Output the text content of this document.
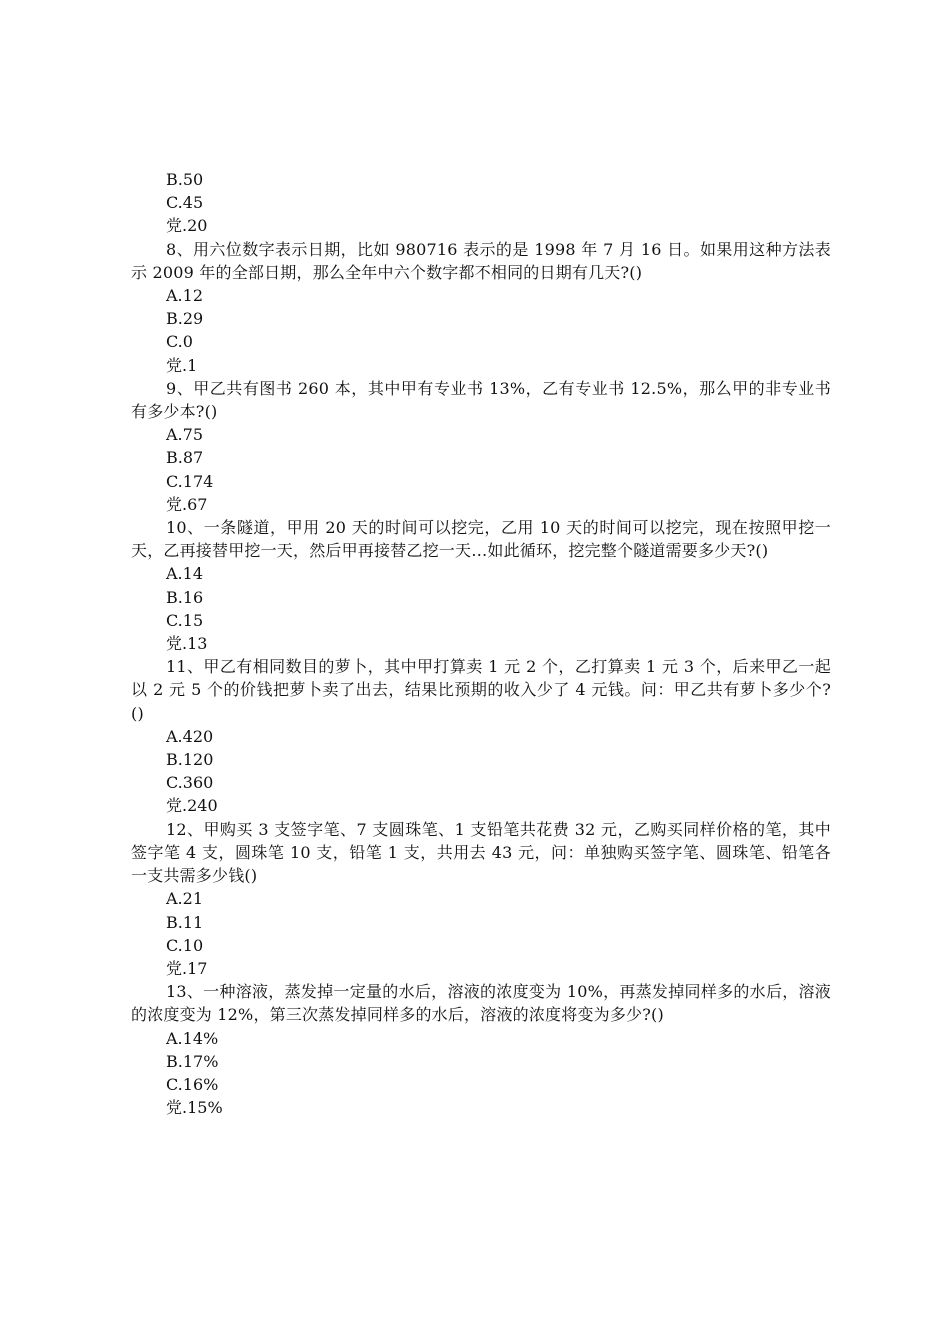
B.50
C.45
党.20
8、用六位数字表示日期，比如 980716 表示的是 1998 年 7 月 16 日。如果用这种方法表示 2009 年的全部日期，那么全年中六个数字都不相同的日期有几天?()
A.12
B.29
C.0
党.1
9、甲乙共有图书 260 本，其中甲有专业书 13%，乙有专业书 12.5%，那么甲的非专业书有多少本?()
A.75
B.87
C.174
党.67
10、一条隧道，甲用 20 天的时间可以挖完，乙用 10 天的时间可以挖完，现在按照甲挖一天，乙再接替甲挖一天，然后甲再接替乙挖一天…如此循环，挖完整个隧道需要多少天?()
A.14
B.16
C.15
党.13
11、甲乙有相同数目的萝卜，其中甲打算卖 1 元 2 个，乙打算卖 1 元 3 个，后来甲乙一起以 2 元 5 个的价钱把萝卜卖了出去，结果比预期的收入少了 4 元钱。问：甲乙共有萝卜多少个?()
A.420
B.120
C.360
党.240
12、甲购买 3 支签字笔、7 支圆珠笔、1 支铅笔共花费 32 元，乙购买同样价格的笔，其中签字笔 4 支，圆珠笔 10 支，铅笔 1 支，共用去 43 元，问：单独购买签字笔、圆珠笔、铅笔各一支共需多少钱()
A.21
B.11
C.10
党.17
13、一种溶液，蒸发掉一定量的水后，溶液的浓度变为 10%，再蒸发掉同样多的水后，溶液的浓度变为 12%，第三次蒸发掉同样多的水后，溶液的浓度将变为多少?()
A.14%
B.17%
C.16%
党.15%
